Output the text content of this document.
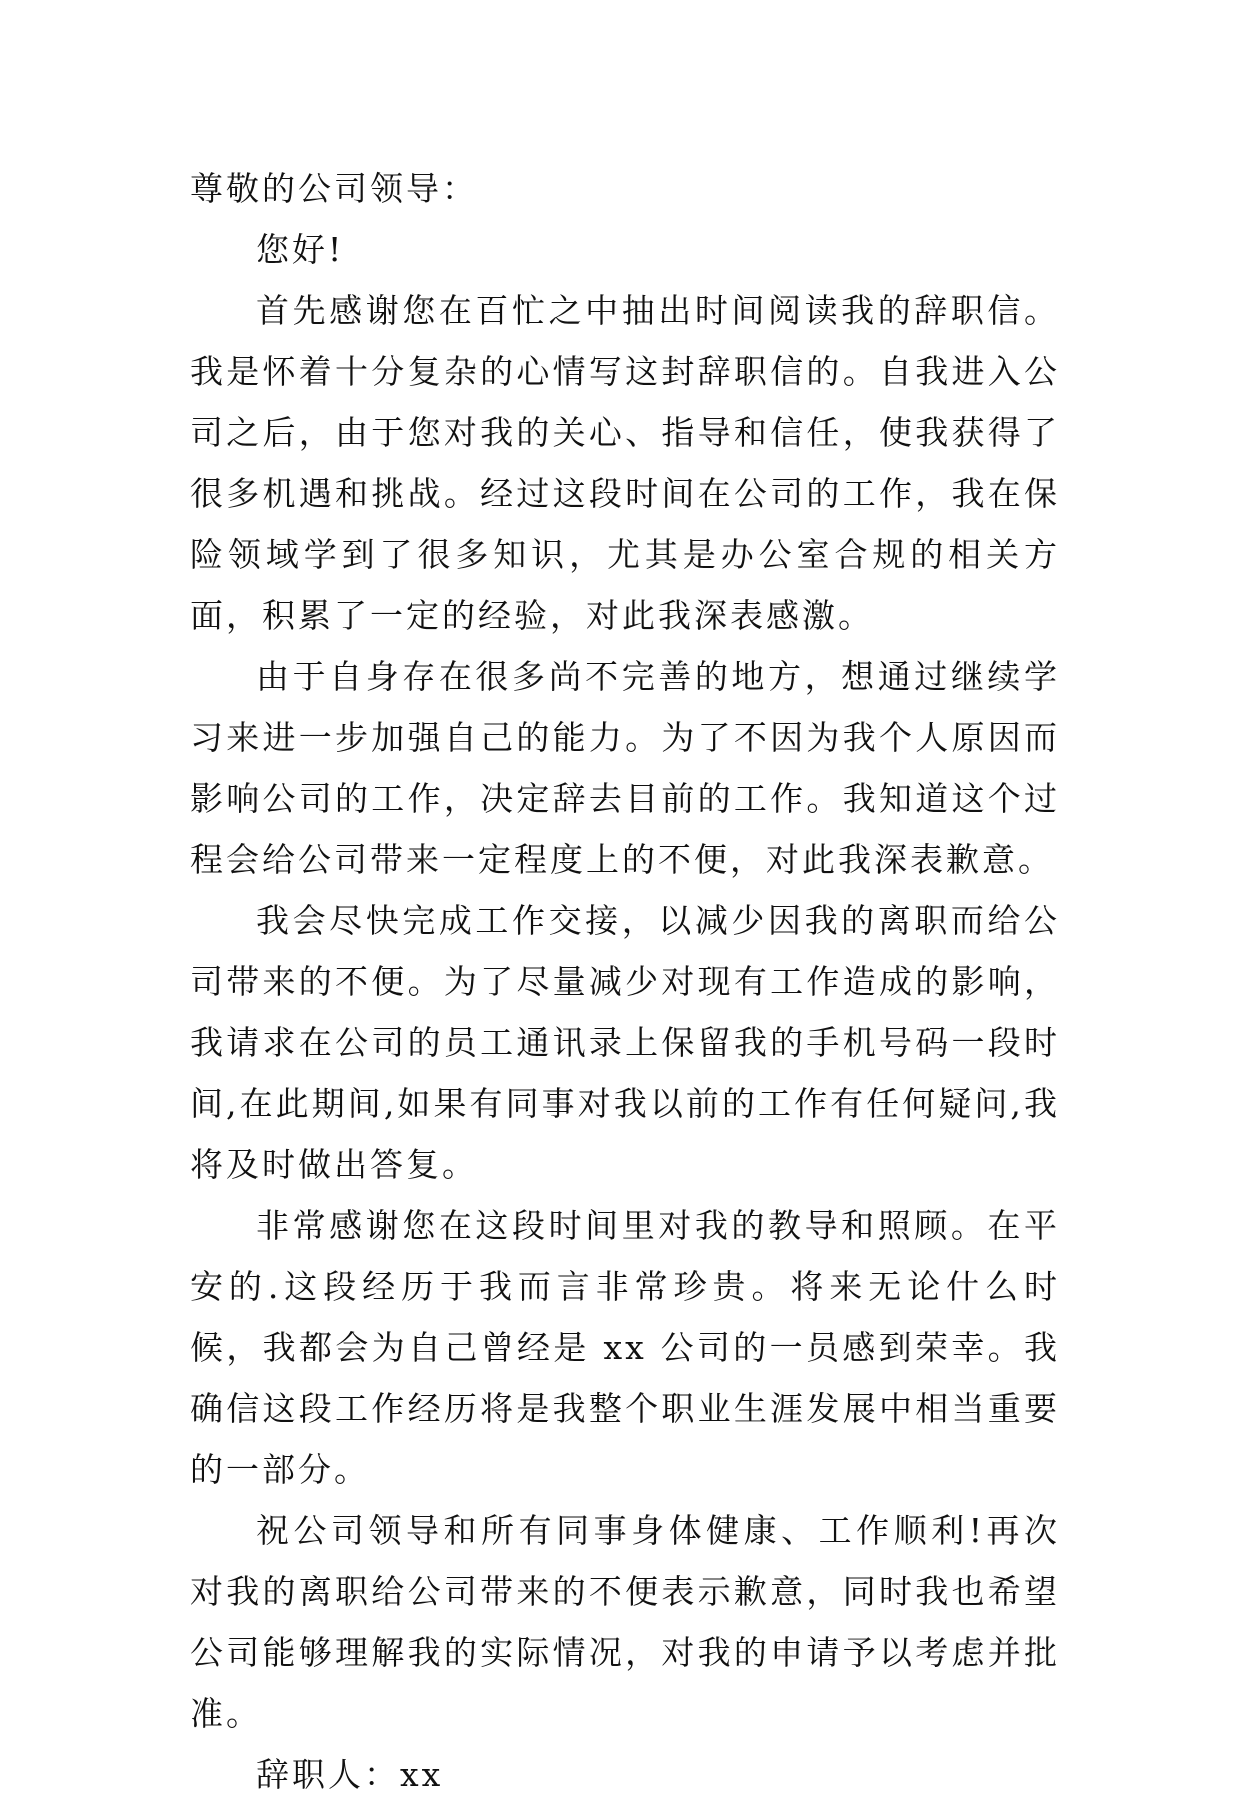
尊敬的公司领导：

您好!

首先感谢您在百忙之中抽出时间阅读我的辞职信。我是怀着十分复杂的心情写这封辞职信的。自我进入公司之后，由于您对我的关心、指导和信任，使我获得了很多机遇和挑战。经过这段时间在公司的工作，我在保险领域学到了很多知识，尤其是办公室合规的相关方面，积累了一定的经验，对此我深表感激。

由于自身存在很多尚不完善的地方，想通过继续学习来进一步加强自己的能力。为了不因为我个人原因而影响公司的工作，决定辞去目前的工作。我知道这个过程会给公司带来一定程度上的不便，对此我深表歉意。

我会尽快完成工作交接，以减少因我的离职而给公司带来的不便。为了尽量减少对现有工作造成的影响，我请求在公司的员工通讯录上保留我的手机号码一段时间,在此期间,如果有同事对我以前的工作有任何疑问,我将及时做出答复。

非常感谢您在这段时间里对我的教导和照顾。在平安的.这段经历于我而言非常珍贵。将来无论什么时候，我都会为自己曾经是 xx 公司的一员感到荣幸。我确信这段工作经历将是我整个职业生涯发展中相当重要的一部分。

祝公司领导和所有同事身体健康、工作顺利!再次对我的离职给公司带来的不便表示歉意，同时我也希望公司能够理解我的实际情况，对我的申请予以考虑并批准。

辞职人：xx
